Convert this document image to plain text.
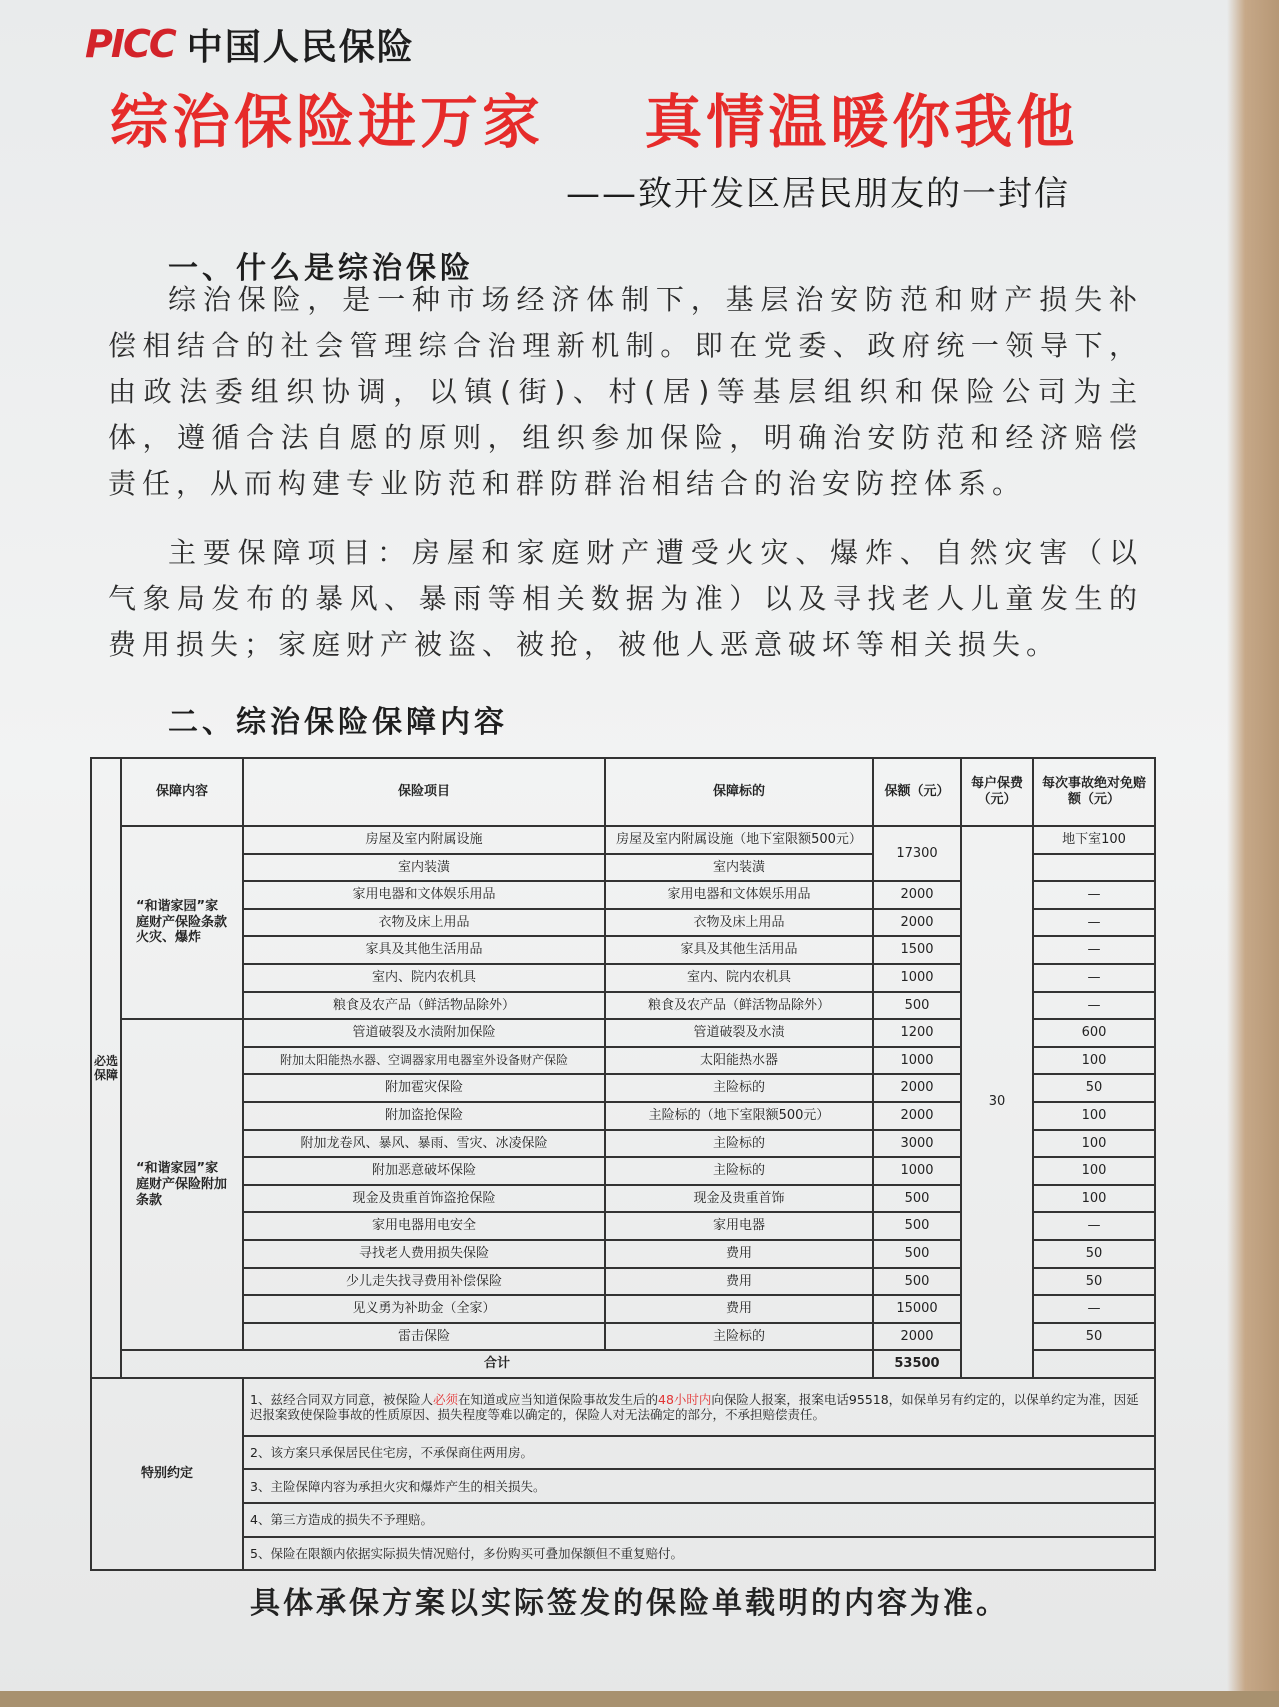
PICC 中国人民保险
综治保险进万家 真情温暖你我他
——致开发区居民朋友的一封信
一、什么是综治保险
综治保险，是一种市场经济体制下，基层治安防范和财产损失补偿相结合的社会管理综合治理新机制。即在党委、政府统一领导下，由政法委组织协调，以镇(街)、村(居)等基层组织和保险公司为主体，遵循合法自愿的原则，组织参加保险，明确治安防范和经济赔偿责任，从而构建专业防范和群防群治相结合的治安防控体系。
主要保障项目：房屋和家庭财产遭受火灾、爆炸、自然灾害（以气象局发布的暴风、暴雨等相关数据为准）以及寻找老人儿童发生的费用损失；家庭财产被盗、被抢，被他人恶意破坏等相关损失。
二、综治保险保障内容
必选保障	保障内容	保险项目	保障标的	保额（元）	每户保费（元）	每次事故绝对免赔额（元）
	“和谐家园”家庭财产保险条款火灾、爆炸	房屋及室内附属设施	房屋及室内附属设施（地下室限额500元）	17300	30	地下室100
		室内装潢	室内装潢			
		家用电器和文体娱乐用品	家用电器和文体娱乐用品	2000		—
		衣物及床上用品	衣物及床上用品	2000		—
		家具及其他生活用品	家具及其他生活用品	1500		—
		室内、院内农机具	室内、院内农机具	1000		—
		粮食及农产品（鲜活物品除外）	粮食及农产品（鲜活物品除外）	500		—
	“和谐家园”家庭财产保险附加条款	管道破裂及水渍附加保险	管道破裂及水渍	1200		600
		附加太阳能热水器、空调器家用电器室外设备财产保险	太阳能热水器	1000		100
		附加雹灾保险	主险标的	2000		50
		附加盗抢保险	主险标的（地下室限额500元）	2000		100
		附加龙卷风、暴风、暴雨、雪灾、冰凌保险	主险标的	3000		100
		附加恶意破坏保险	主险标的	1000		100
		现金及贵重首饰盗抢保险	现金及贵重首饰	500		100
		家用电器用电安全	家用电器	500		—
		寻找老人费用损失保险	费用	500		50
		少儿走失找寻费用补偿保险	费用	500		50
		见义勇为补助金（全家）	费用	15000		—
		雷击保险	主险标的	2000		50
	合计			53500		
特别约定		1、兹经合同双方同意，被保险人必须在知道或应当知道保险事故发生后的48小时内向保险人报案，报案电话95518，如保单另有约定的，以保单约定为准，因延迟报案致使保险事故的性质原因、损失程度等难以确定的，保险人对无法确定的部分，不承担赔偿责任。				
		2、该方案只承保居民住宅房，不承保商住两用房。				
		3、主险保障内容为承担火灾和爆炸产生的相关损失。				
		4、第三方造成的损失不予理赔。				
		5、保险在限额内依据实际损失情况赔付，多份购买可叠加保额但不重复赔付。				
具体承保方案以实际签发的保险单载明的内容为准。
